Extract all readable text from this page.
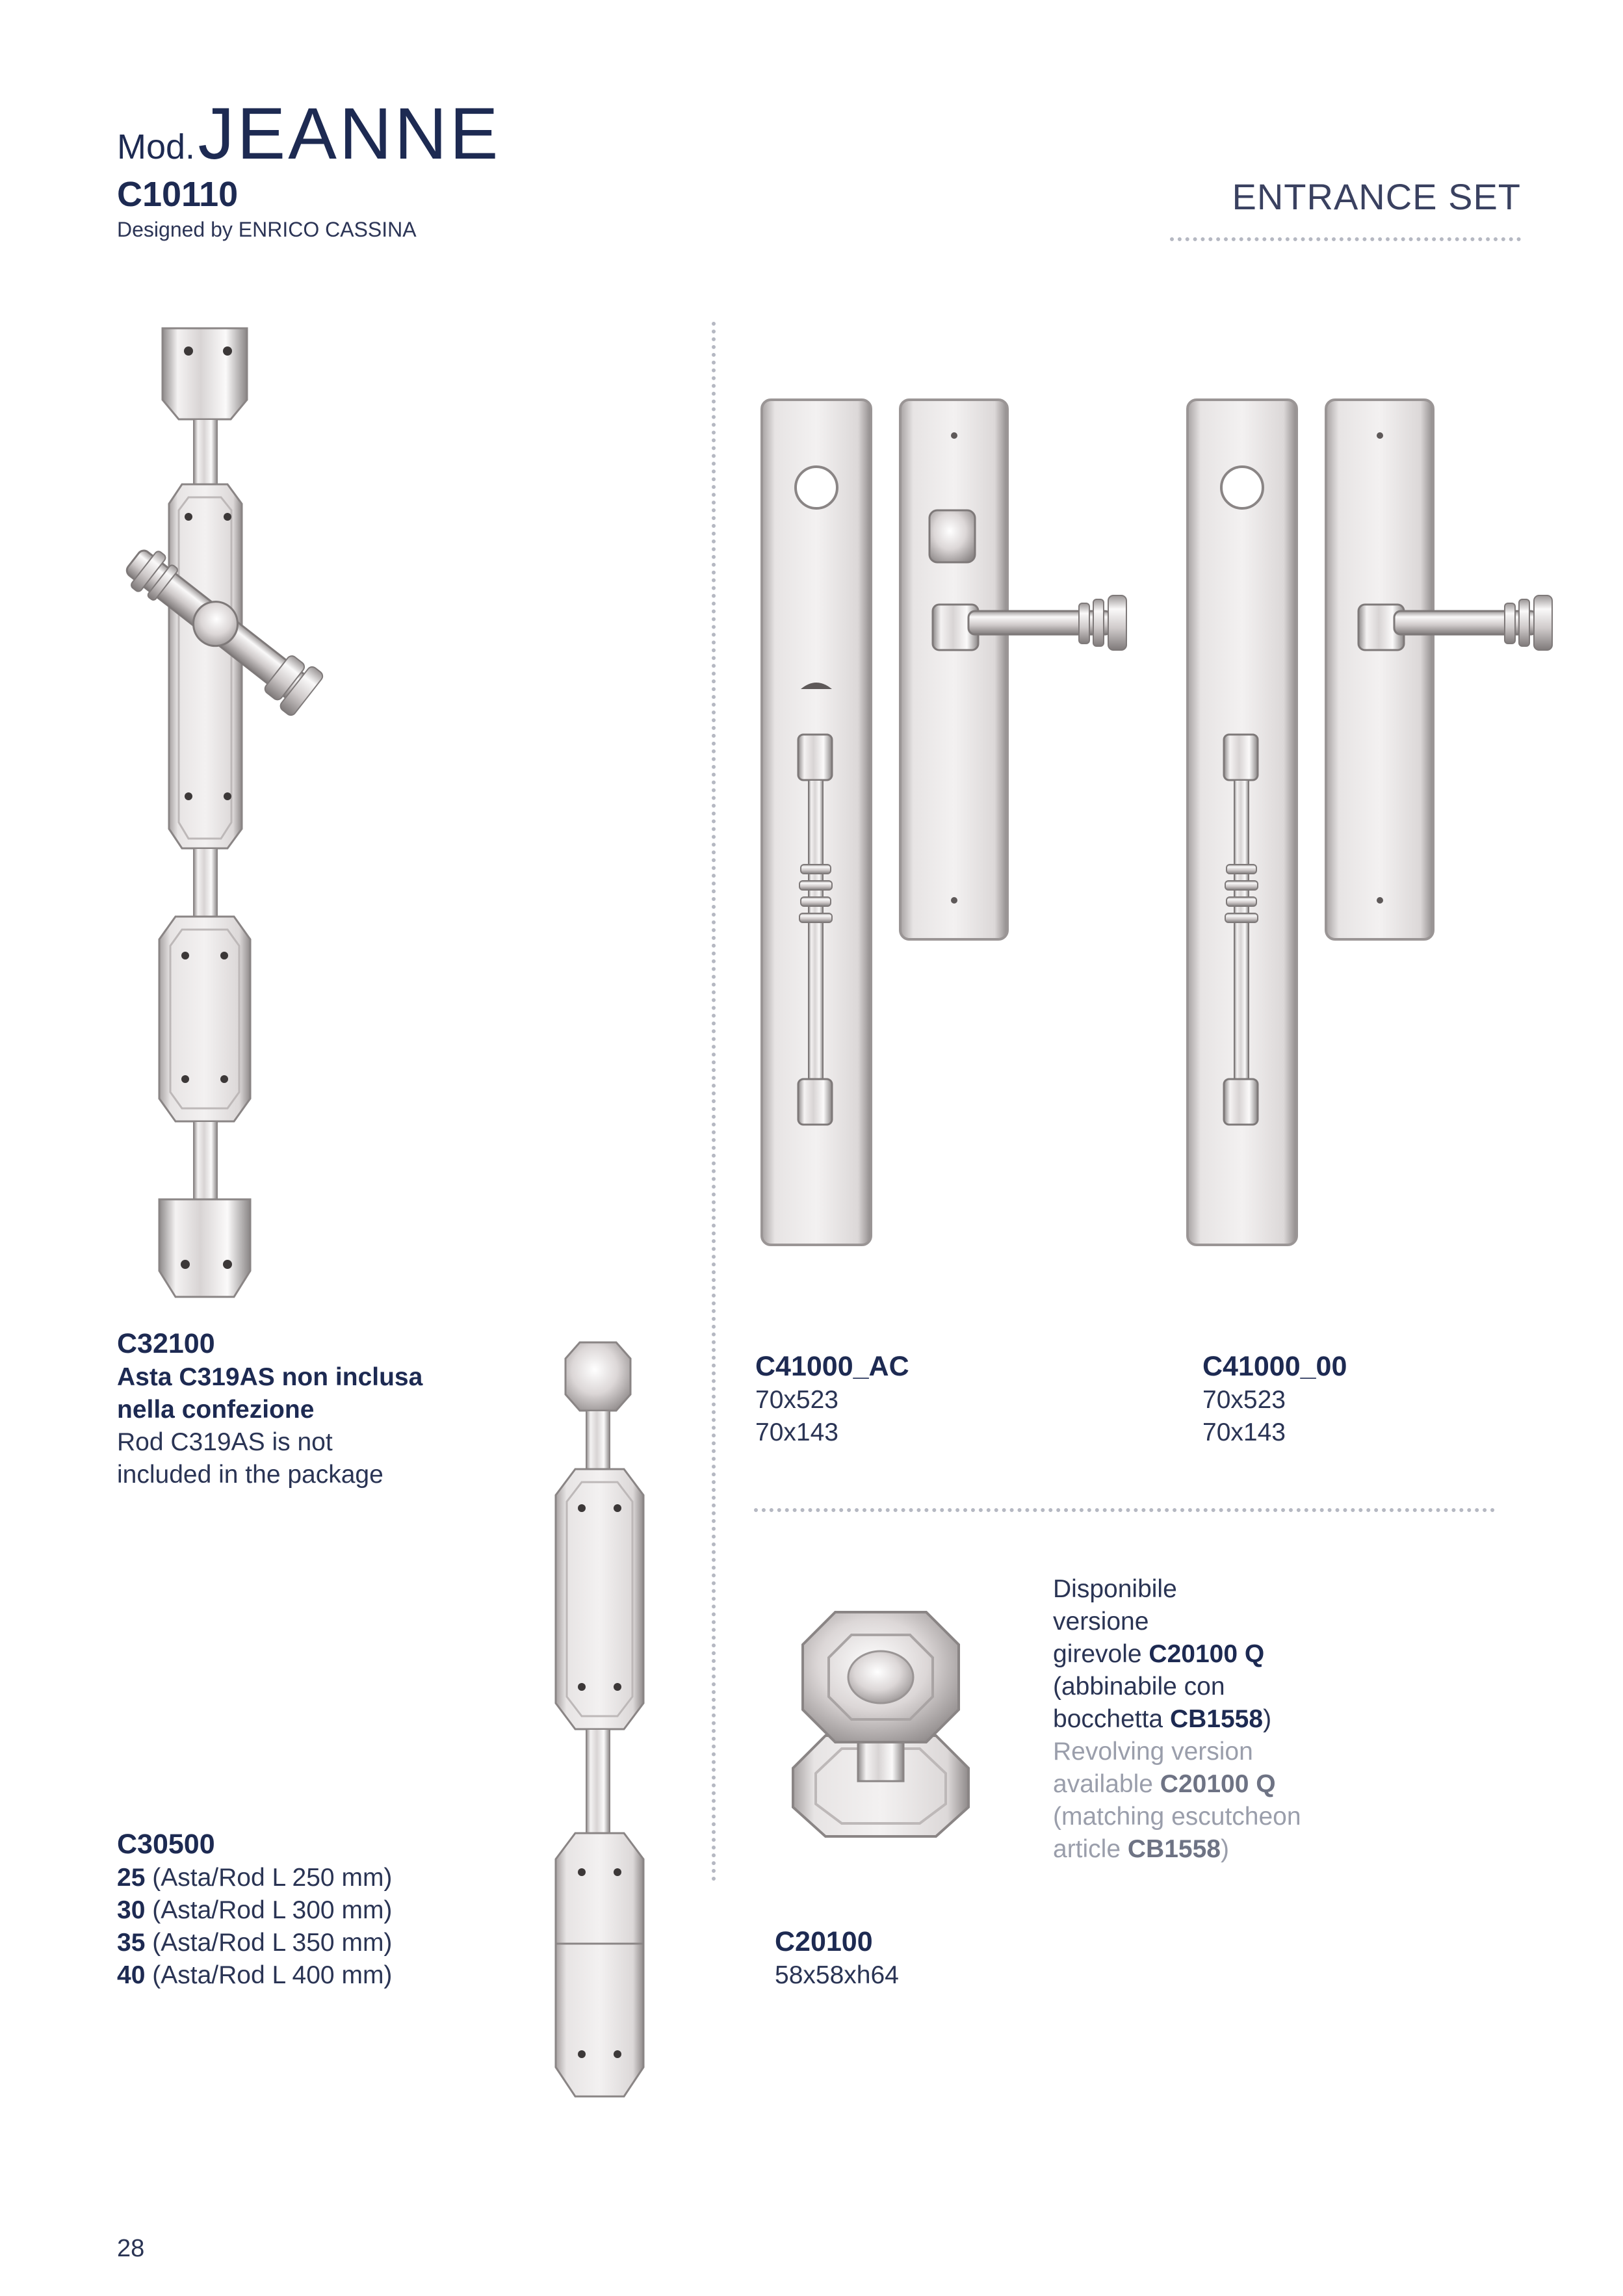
Mod. JEANNE
C10110
Designed by ENRICO CASSINA
ENTRANCE SET
C32100
Asta C319AS non inclusa
nella confezione
Rod C319AS is not
included in the package
C30500
25 (Asta/Rod L 250 mm)
30 (Asta/Rod L 300 mm)
35 (Asta/Rod L 350 mm)
40 (Asta/Rod L 400 mm)
C41000_AC
70x523
70x143
C41000_00
70x523
70x143
Disponibile
versione
girevole C20100 Q
(abbinabile con
bocchetta CB1558)
Revolving version
available C20100 Q
(matching escutcheon
article CB1558)
C20100
58x58xh64
28
